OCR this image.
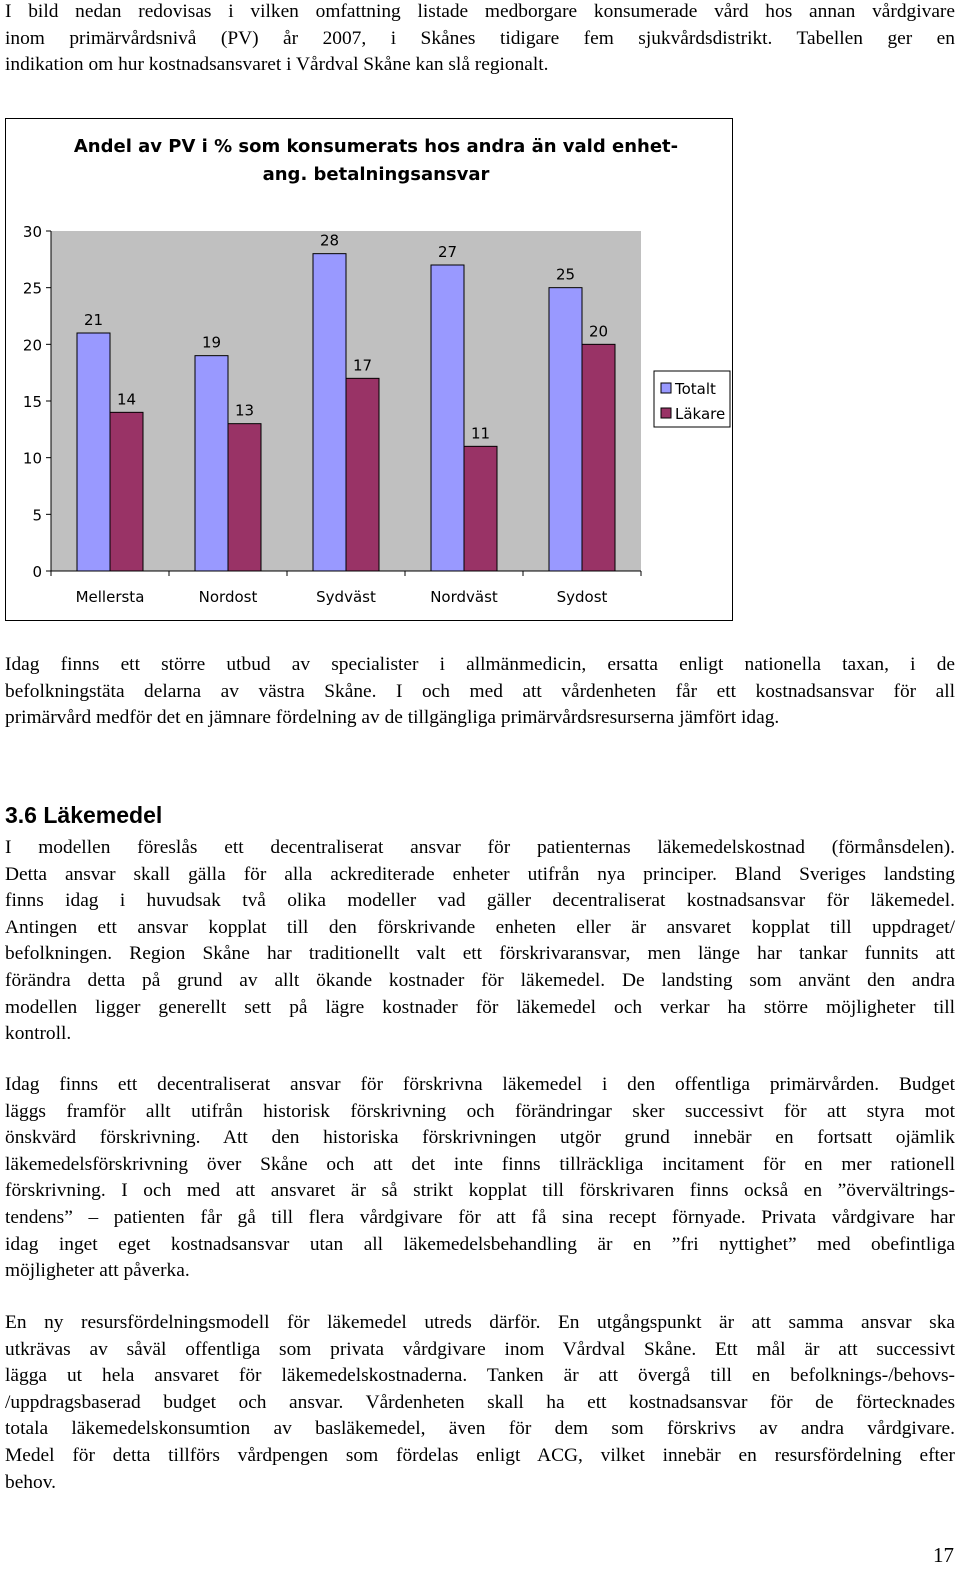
I bild nedan redovisas i vilken omfattning listade medborgare konsumerade vård hos annan vårdgivare
inom primärvårdsnivå (PV) år 2007, i Skånes tidigare fem sjukvårdsdistrikt. Tabellen ger en
indikation om hur kostnadsansvaret i Vårdval Skåne kan slå regionalt.
Andel av PV i % som konsumerats hos andra än vald enhet-
ang. betalningsansvar
0
5
10
15
20
25
30
21
14
Mellersta
19
13
Nordost
28
17
Sydväst
27
11
Nordväst
25
20
Sydost
Totalt
Läkare
Idag finns ett större utbud av specialister i allmänmedicin, ersatta enligt nationella taxan, i de
befolkningstäta delarna av västra Skåne. I och med att vårdenheten får ett kostnadsansvar för all
primärvård medför det en jämnare fördelning av de tillgängliga primärvårdsresurserna jämfört idag.
3.6 Läkemedel
I modellen föreslås ett decentraliserat ansvar för patienternas läkemedelskostnad (förmånsdelen).
Detta ansvar skall gälla för alla ackrediterade enheter utifrån nya principer. Bland Sveriges landsting
finns idag i huvudsak två olika modeller vad gäller decentraliserat kostnadsansvar för läkemedel.
Antingen ett ansvar kopplat till den förskrivande enheten eller är ansvaret kopplat till uppdraget/
befolkningen. Region Skåne har traditionellt valt ett förskrivaransvar, men länge har tankar funnits att
förändra detta på grund av allt ökande kostnader för läkemedel. De landsting som använt den andra
modellen ligger generellt sett på lägre kostnader för läkemedel och verkar ha större möjligheter till
kontroll.
Idag finns ett decentraliserat ansvar för förskrivna läkemedel i den offentliga primärvården. Budget
läggs framför allt utifrån historisk förskrivning och förändringar sker successivt för att styra mot
önskvärd förskrivning. Att den historiska förskrivningen utgör grund innebär en fortsatt ojämlik
läkemedelsförskrivning över Skåne och att det inte finns tillräckliga incitament för en mer rationell
förskrivning. I och med att ansvaret är så strikt kopplat till förskrivaren finns också en ”övervältrings-
tendens” – patienten får gå till flera vårdgivare för att få sina recept förnyade. Privata vårdgivare har
idag inget eget kostnadsansvar utan all läkemedelsbehandling är en ”fri nyttighet” med obefintliga
möjligheter att påverka.
En ny resursfördelningsmodell för läkemedel utreds därför. En utgångspunkt är att samma ansvar ska
utkrävas av såväl offentliga som privata vårdgivare inom Vårdval Skåne. Ett mål är att successivt
lägga ut hela ansvaret för läkemedelskostnaderna. Tanken är att övergå till en befolknings-/behovs-
/uppdragsbaserad budget och ansvar. Vårdenheten skall ha ett kostnadsansvar för de förtecknades
totala läkemedelskonsumtion av basläkemedel, även för dem som förskrivs av andra vårdgivare.
Medel för detta tillförs vårdpengen som fördelas enligt ACG, vilket innebär en resursfördelning efter
behov.
17
